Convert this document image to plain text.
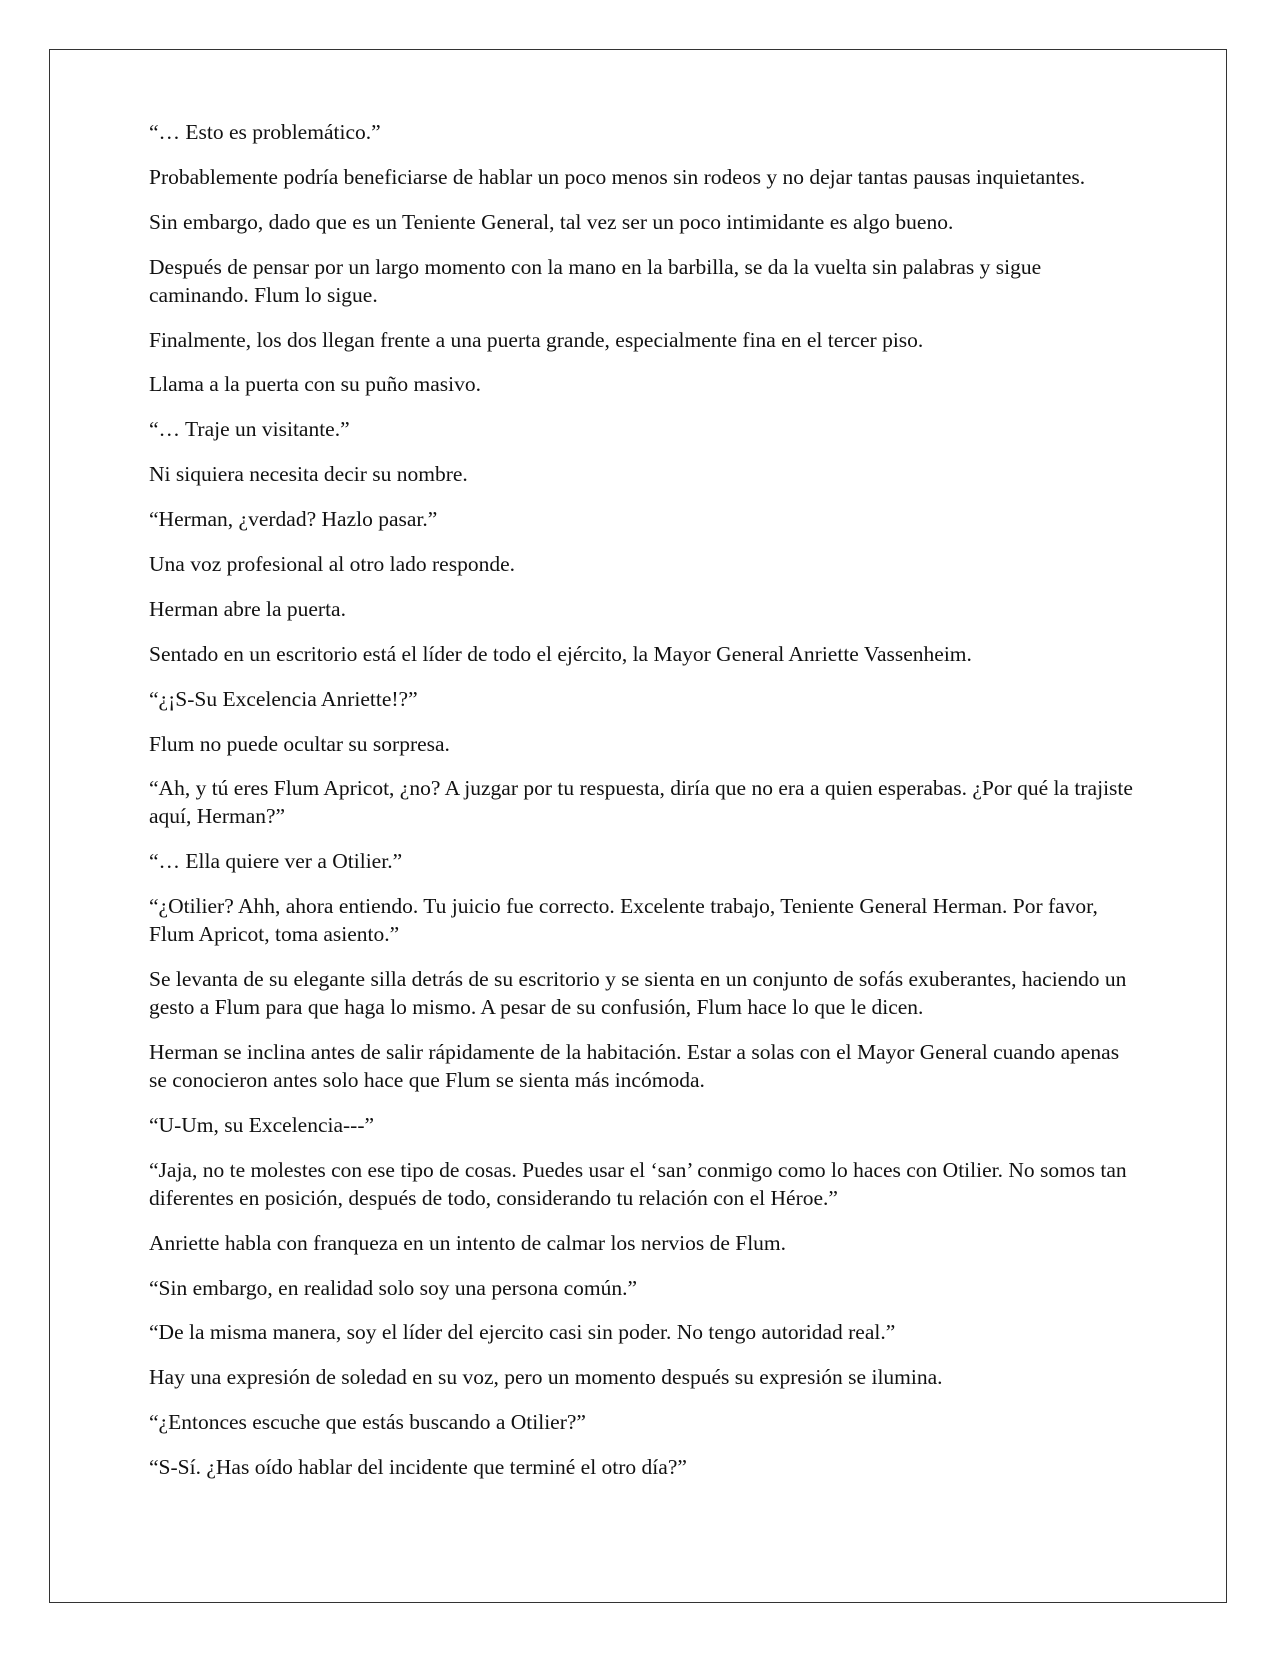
“… Esto es problemático.”

Probablemente podría beneficiarse de hablar un poco menos sin rodeos y no dejar tantas pausas inquietantes.

Sin embargo, dado que es un Teniente General, tal vez ser un poco intimidante es algo bueno.

Después de pensar por un largo momento con la mano en la barbilla, se da la vuelta sin palabras y sigue caminando. Flum lo sigue.

Finalmente, los dos llegan frente a una puerta grande, especialmente fina en el tercer piso.

Llama a la puerta con su puño masivo.

“… Traje un visitante.”

Ni siquiera necesita decir su nombre.

“Herman, ¿verdad? Hazlo pasar.”

Una voz profesional al otro lado responde.

Herman abre la puerta.

Sentado en un escritorio está el líder de todo el ejército, la Mayor General Anriette Vassenheim.

“¿¡S-Su Excelencia Anriette!?”

Flum no puede ocultar su sorpresa.

“Ah, y tú eres Flum Apricot, ¿no? A juzgar por tu respuesta, diría que no era a quien esperabas. ¿Por qué la trajiste aquí, Herman?”

“… Ella quiere ver a Otilier.”

“¿Otilier? Ahh, ahora entiendo. Tu juicio fue correcto. Excelente trabajo, Teniente General Herman. Por favor, Flum Apricot, toma asiento.”

Se levanta de su elegante silla detrás de su escritorio y se sienta en un conjunto de sofás exuberantes, haciendo un gesto a Flum para que haga lo mismo. A pesar de su confusión, Flum hace lo que le dicen.

Herman se inclina antes de salir rápidamente de la habitación. Estar a solas con el Mayor General cuando apenas se conocieron antes solo hace que Flum se sienta más incómoda.

“U-Um, su Excelencia---”

“Jaja, no te molestes con ese tipo de cosas. Puedes usar el ‘san’ conmigo como lo haces con Otilier. No somos tan diferentes en posición, después de todo, considerando tu relación con el Héroe.”

Anriette habla con franqueza en un intento de calmar los nervios de Flum.

“Sin embargo, en realidad solo soy una persona común.”

“De la misma manera, soy el líder del ejercito casi sin poder. No tengo autoridad real.”

Hay una expresión de soledad en su voz, pero un momento después su expresión se ilumina.

“¿Entonces escuche que estás buscando a Otilier?”

“S-Sí. ¿Has oído hablar del incidente que terminé el otro día?”
